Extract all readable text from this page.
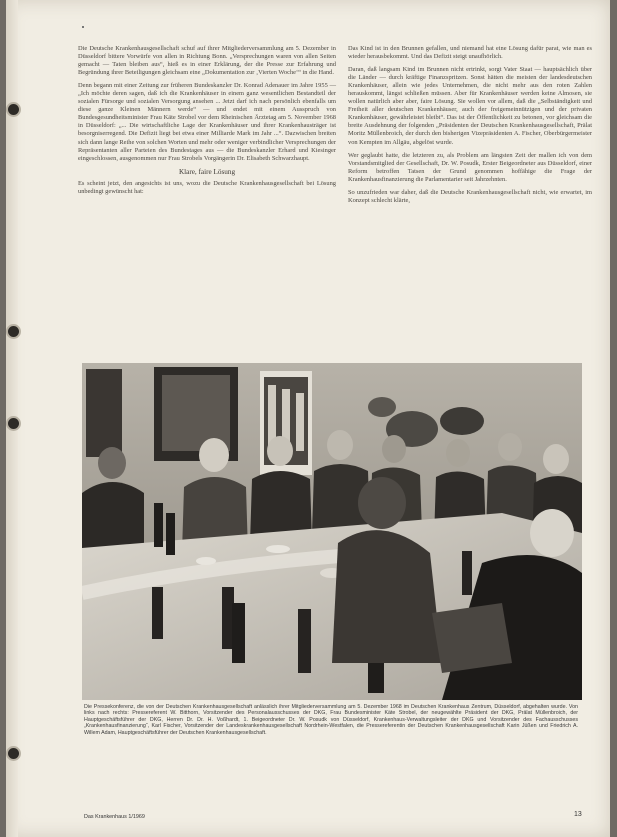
Die Deutsche Krankenhausgesellschaft schuf auf ihrer Mitgliederversammlung am 5. Dezember in Düsseldorf bittere Vorwürfe von allen in Richtung Bonn. „Versprechungen waren von allen Seiten gemacht — Taten bleiben aus“, hieß es in einer Erklärung, der die Presse zur Erfahrung und Begründung ihrer Beteiligungen gleichsam eine „Dokumentation zur ‚Vierten Woche‘“ in die Hand.

Denn begann mit einer Zeitung zur früheren Bundeskanzler Dr. Konrad Adenauer im Jahre 1955 — „Ich möchte deren sagen, daß ich die Krankenhäuser in einem ganz wesentlichen Bestandteil der sozialen Fürsorge und sozialen Versorgung ansehen ... Jetzt darf ich nach persönlich ebenfalls um diese ganze Kleinen Männern werde“ — und endet mit einem Ausspruch von Bundesgesundheitsminister Frau Käte Strobel vor dem Rheinischen Ärztetag am 5. November 1968 in Düsseldorf: „... Die wirtschaftliche Lage der Krankenhäuser und ihrer Krankenhausträger ist besorgniserregend. Die Defizit liegt bei etwa einer Milliarde Mark im Jahr ...“. Dazwischen breiten sich dann lange Reihe von solchen Worten und mehr oder weniger verbindlicher Versprechungen der Repräsentanten aller Parteien des Bundestages aus — die Bundeskanzler Erhard und Kiesinger eingeschlossen, ausgenommen nur Frau Strobels Vorgängerin Dr. Elisabeth Schwarzhaupt.

Klare, faire Lösung

Es scheint jetzt, den angesichts ist uns, wozu die Deutsche Krankenhausgesellschaft bei Lösung unbedingt gewünscht hat:

Das Kind ist in den Brunnen gefallen, und niemand hat eine Lösung dafür parat, wie man es wieder herausbekommt. Und das Defizit steigt unaufhörlich.

Daran, daß langsam Kind im Brunnen nicht ertrinkt, sorgt Vater Staat — hauptsächlich über die Länder — durch kräftige Finanzspritzen. Sonst hätten die meisten der landesdeutschen Krankenhäuser, allein wie jedes Unternehmen, die nicht mehr aus den roten Zahlen herauskommt, längst schließen müssen. Aber für Krankenhäuser werden keine Almosen, sie wollen natürlich aber aber, faire Lösung. Sie wollen vor allem, daß die „Selbständigkeit und Freiheit aller deutschen Krankenhäuser, auch der freigemeinnützigen und der privaten Krankenhäuser, gewährleistet bleibt“. Das ist der Öffentlichkeit zu betonen, vor gleichsam die breite Ausdehnung der folgenden „Präsidenten der Deutschen Krankenhausgesellschaft, Prälat Moritz Müllenbroich, der durch den bisherigen Vizepräsidenten A. Fischer, Oberbürgermeister von Kempten im Allgäu, abgelöst wurde.

Wer geglaubt hatte, die letzteren zu, als Problem am längsten Zeit der mallen ich von dem Vorstandsmitglied der Gesellschaft, Dr. W. Posudk, Erster Beigeordneter aus Düsseldorf, einer Reform betroffen Tatsen der Grund genommen hoffähige die Frage der Krankenhausfinanzierung die Parlamentarier seit Jahrzehnten.

So unzufrieden war daher, daß die Deutsche Krankenhausgesellschaft nicht, wie erwartet, im Konzept schlecht klärte,

Die Pressekonferenz, die von der Deutschen Krankenhausgesellschaft anlässlich ihrer Mitgliederversammlung am 5. Dezember 1968 im Deutschen Krankenhaus Zentrum, Düsseldorf, abgehalten wurde. Von links nach rechts: Pressereferent W. Bitthorn, Vorsitzender des Personalausschusses der DKG, Frau Bundesminister Käte Strobel, der neugewählte Präsident der DKG, Prälat Müllenbroich, der Hauptgeschäftsführer der DKG, Herren Dr. Dr. H. Voßhardt, 1. Beigeordneter Dr. W. Posudk von Düsseldorf, Krankenhaus-Verwaltungsleiter der DKG und Vorsitzender des Fachausschusses „Krankenhausfinanzierung“, Karl Fischer, Vorsitzender der Landeskrankenhausgesellschaft Nordrhein-Westfalen, die Pressereferentin der Deutschen Krankenhausgesellschaft Karin Jüßen und Friedrich A. Willem Adam, Hauptgeschäftsführer der Deutschen Krankenhausgesellschaft.
Das Krankenhaus 1/1969	13
